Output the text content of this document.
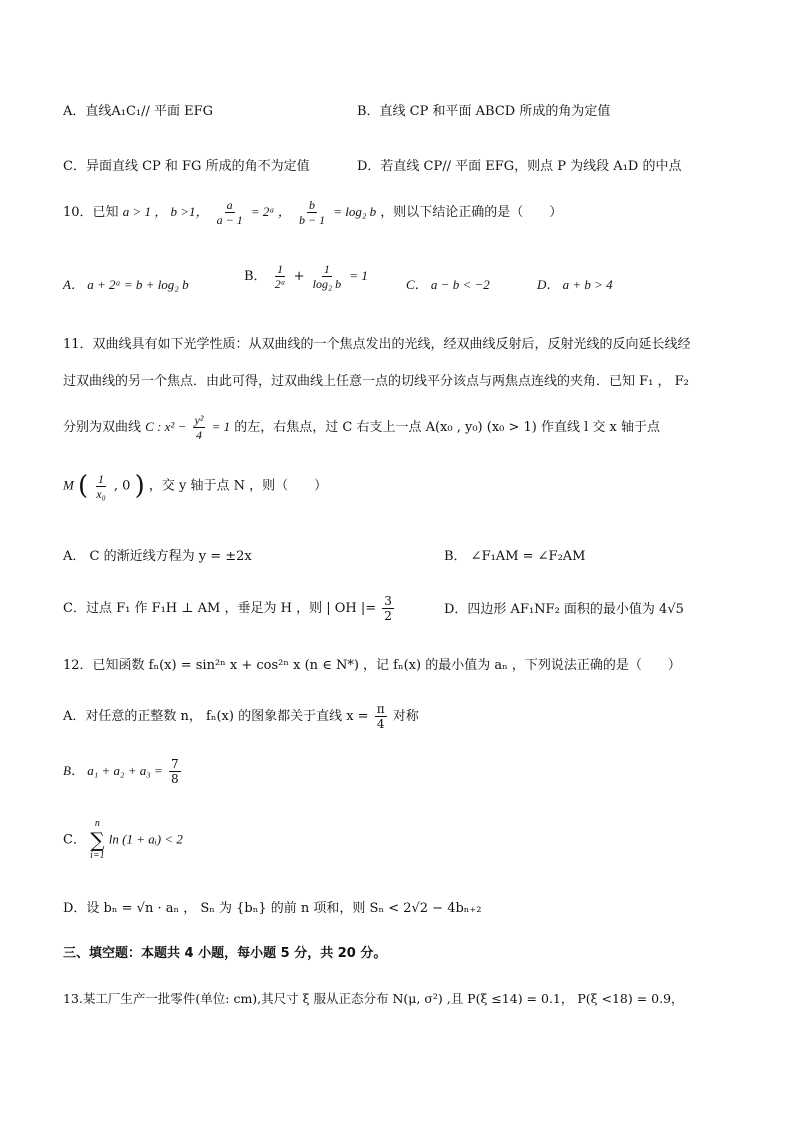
A．直线A₁C₁// 平面 EFG	B．直线 CP 和平面 ABCD 所成的角为定值
C．异面直线 CP 和 FG 所成的角不为定值	D．若直线 CP// 平面 EFG，则点 P 为线段 A₁D 的中点
10．已知 a > 1 ， b >1， $\frac{a}{a - 1}$ = 2ᵃ ， $\frac{b}{b - 1} = \log_2$ b ，则以下结论正确的是（　　）
A． a + 2ᵃ = b + log₂ b
B． $\frac{1}{\text{2ᵃ}} + \frac{1}{\text{log₂ b}} = 1$
C． a − b < −2	D． a + b > 4
11．双曲线具有如下光学性质：从双曲线的一个焦点发出的光线，经双曲线反射后，反射光线的反向延长线经
过双曲线的另一个焦点．由此可得，过双曲线上任意一点的切线平分该点与两焦点连线的夹角．已知 F₁ ， F₂
分别为双曲线 C : $x^2 - \frac{\text{y²}}{4} = 1$ 的左，右焦点，过 C 右支上一点 A(x₀ , y₀) (x₀ > 1) 作直线 l 交 x 轴于点
M ( $\frac{1}{\text{x₀}}$ , 0 ) ，交 y 轴于点 N ，则（　　）
A． C 的渐近线方程为 y = ±2x	B． ∠F₁AM = ∠F₂AM
C．过点 F₁ 作 F₁H ⊥ AM ，垂足为 H ，则 | OH |= $\frac{3}{2}$	D．四边形 AF₁NF₂ 面积的最小值为 4√5
12．已知函数 fₙ(x) = sin²ⁿ x + cos²ⁿ x (n ∈ N*) ，记 fₙ(x) 的最小值为 aₙ ，下列说法正确的是（　　）
A．对任意的正整数 n， fₙ(x) 的图象都关于直线 $x = \frac{\pi}{4}$ 对称
B． $a_1 + a_2 + a_3 = \frac{7}{8}$
C．
n
∑
i=1
ln (1 + aᵢ) < 2
D．设 bₙ = √n · aₙ ， Sₙ 为 {bₙ} 的前 n 项和，则 Sₙ < 2√2 − 4bₙ₊₂
三、填空题：本题共 4 小题，每小题 5 分，共 20 分。
13.某工厂生产一批零件(单位: cm),其尺寸 ξ 服从正态分布 N(μ, σ²) ,且 P(ξ ≤14) = 0.1， P(ξ <18) = 0.9，
